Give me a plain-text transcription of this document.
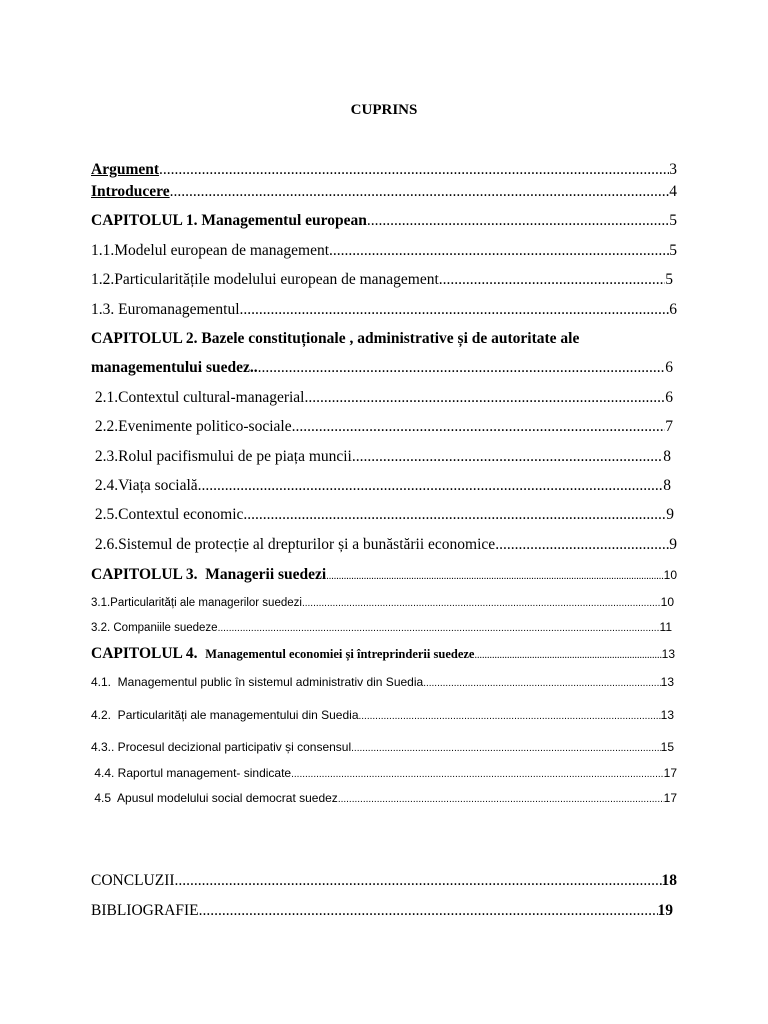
CUPRINS
Argument .....	3
Introducere .....	4
CAPITOLUL 1. Managementul european .....	5
1.1.Modelul european de management .....	5
1.2.Particularitățile modelului european de management .....	5
1.3. Euromanagementul .....	6
CAPITOLUL 2. Bazele constituționale , administrative și de autoritate ale
managementului suedez.. .....	6
2.1.Contextul cultural-managerial .....	6
2.2.Evenimente politico-sociale .....	7
2.3.Rolul pacifismului de pe piața muncii .....	8
2.4.Viața socială .....	8
2.5.Contextul economic .....	9
2.6.Sistemul de protecție al drepturilor și a bunăstării economice .....	9
CAPITOLUL 3.  Managerii suedezi .....	10
3.1.Particularități ale managerilor suedezi .....	10
3.2. Companiile suedeze .....	11
CAPITOLUL 4. Managementul economiei și întreprinderii suedeze .....	13
4.1.  Managementul public în sistemul administrativ din Suedia .....	13
4.2.  Particularități ale managementului din Suedia .....	13
4.3.. Procesul decizional participativ și consensul .....	15
4.4. Raportul management- sindicate .....	17
4.5  Apusul modelului social democrat suedez .....	17
CONCLUZII .....	18
BIBLIOGRAFIE .....	19
